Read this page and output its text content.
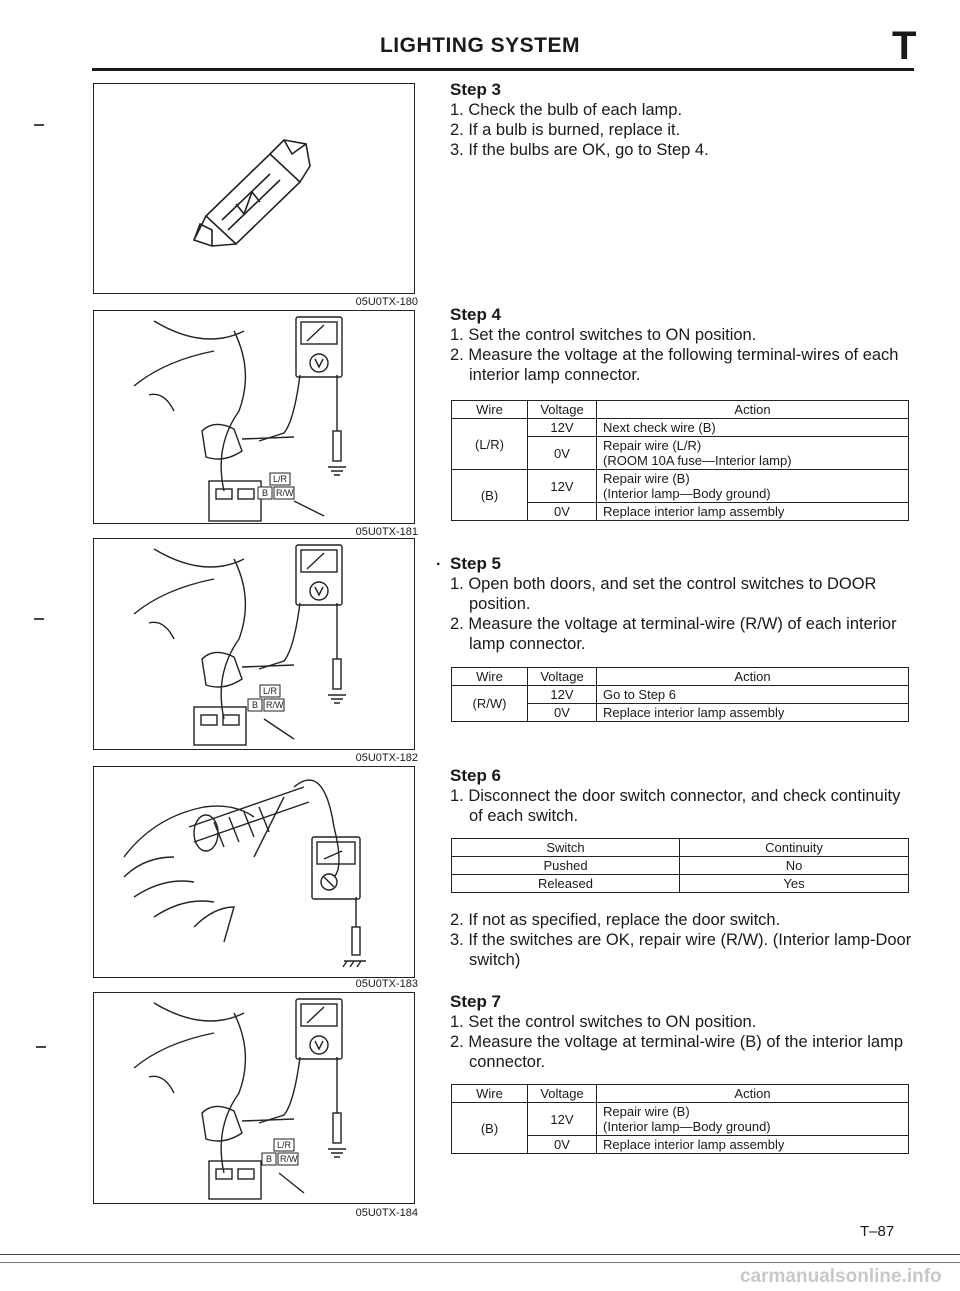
LIGHTING SYSTEM	T
05U0TX-180
L/R
B R/W
05U0TX-181
L/R
B R/W
05U0TX-182
05U0TX-183
L/R
B R/W
05U0TX-184
Step 3

1. Check the bulb of each lamp.

2. If a bulb is burned, replace it.

3. If the bulbs are OK, go to Step 4.

Step 4

1. Set the control switches to ON position.

2. Measure the voltage at the following terminal-wires of each

interior lamp connector.

Wire	Voltage	Action
(L/R)	12V	Next check wire (B)
	0V	Repair wire (L/R)
(ROOM 10A fuse—Interior lamp)

(B)	12V	Repair wire (B)
(Interior lamp—Body ground)

	0V	Replace interior lamp assembly
· Step 5

1. Open both doors, and set the control switches to DOOR

position.

2. Measure the voltage at terminal-wire (R/W) of each interior

lamp connector.

Wire	Voltage	Action
(R/W)	12V	Go to Step 6
	0V	Replace interior lamp assembly
Step 6

1. Disconnect the door switch connector, and check continuity

of each switch.

Switch	Continuity
Pushed	No
Released	Yes

2. If not as specified, replace the door switch.

3. If the switches are OK, repair wire (R/W). (Interior lamp-Door

switch)

Step 7

1. Set the control switches to ON position.

2. Measure the voltage at terminal-wire (B) of the interior lamp

connector.

Wire	Voltage	Action
(B)	12V	Repair wire (B)
(Interior lamp—Body ground)

	0V	Replace interior lamp assembly
T–87
carmanualsonline.info
